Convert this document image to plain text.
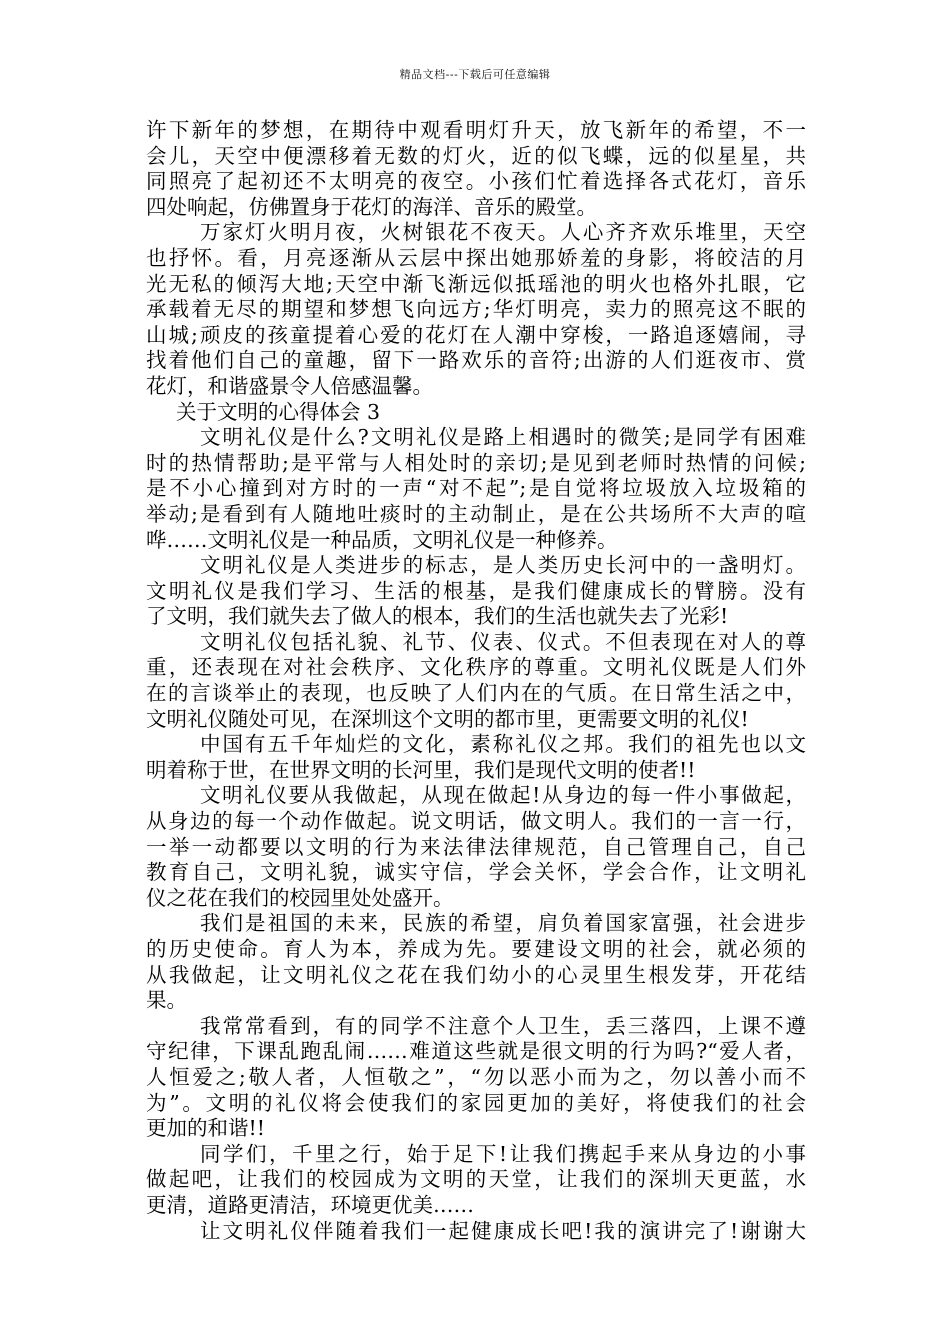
精品文档---下载后可任意编辑
许下新年的梦想，在期待中观看明灯升天，放飞新年的希望，不一
会儿，天空中便漂移着无数的灯火，近的似飞蝶，远的似星星，共
同照亮了起初还不太明亮的夜空。小孩们忙着选择各式花灯，音乐
四处响起，仿佛置身于花灯的海洋、音乐的殿堂。
万家灯火明月夜，火树银花不夜天。人心齐齐欢乐堆里，天空
也抒怀。看，月亮逐渐从云层中探出她那娇羞的身影，将皎洁的月
光无私的倾泻大地;天空中渐飞渐远似抵瑶池的明火也格外扎眼，它
承载着无尽的期望和梦想飞向远方;华灯明亮，卖力的照亮这不眠的
山城;顽皮的孩童提着心爱的花灯在人潮中穿梭，一路追逐嬉闹，寻
找着他们自己的童趣，留下一路欢乐的音符;出游的人们逛夜市、赏
花灯，和谐盛景令人倍感温馨。
关于文明的心得体会 3
文明礼仪是什么?文明礼仪是路上相遇时的微笑;是同学有困难
时的热情帮助;是平常与人相处时的亲切;是见到老师时热情的问候;
是不小心撞到对方时的一声“对不起”;是自觉将垃圾放入垃圾箱的
举动;是看到有人随地吐痰时的主动制止，是在公共场所不大声的喧
哗……文明礼仪是一种品质，文明礼仪是一种修养。
文明礼仪是人类进步的标志，是人类历史长河中的一盏明灯。
文明礼仪是我们学习、生活的根基，是我们健康成长的臂膀。没有
了文明，我们就失去了做人的根本，我们的生活也就失去了光彩!
文明礼仪包括礼貌、礼节、仪表、仪式。不但表现在对人的尊
重，还表现在对社会秩序、文化秩序的尊重。文明礼仪既是人们外
在的言谈举止的表现，也反映了人们内在的气质。在日常生活之中，
文明礼仪随处可见，在深圳这个文明的都市里，更需要文明的礼仪!
中国有五千年灿烂的文化，素称礼仪之邦。我们的祖先也以文
明着称于世，在世界文明的长河里，我们是现代文明的使者!!
文明礼仪要从我做起，从现在做起!从身边的每一件小事做起，
从身边的每一个动作做起。说文明话，做文明人。我们的一言一行，
一举一动都要以文明的行为来法律法律规范，自己管理自己，自己
教育自己，文明礼貌，诚实守信，学会关怀，学会合作，让文明礼
仪之花在我们的校园里处处盛开。
我们是祖国的未来，民族的希望，肩负着国家富强，社会进步
的历史使命。育人为本，养成为先。要建设文明的社会，就必须的
从我做起，让文明礼仪之花在我们幼小的心灵里生根发芽，开花结
果。
我常常看到，有的同学不注意个人卫生，丢三落四，上课不遵
守纪律，下课乱跑乱闹……难道这些就是很文明的行为吗?“爱人者，
人恒爱之;敬人者，人恒敬之”，“勿以恶小而为之，勿以善小而不
为”。文明的礼仪将会使我们的家园更加的美好，将使我们的社会
更加的和谐!!
同学们，千里之行，始于足下!让我们携起手来从身边的小事
做起吧，让我们的校园成为文明的天堂，让我们的深圳天更蓝，水
更清，道路更清洁，环境更优美……
让文明礼仪伴随着我们一起健康成长吧!我的演讲完了!谢谢大
